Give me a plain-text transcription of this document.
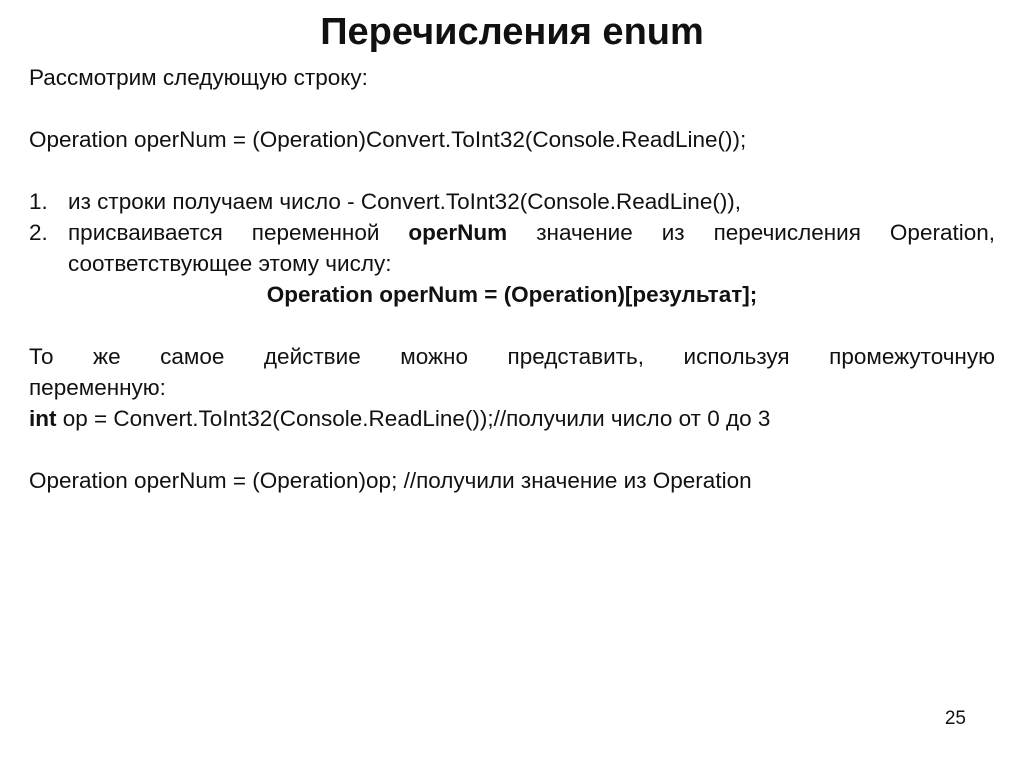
Перечисления enum
Рассмотрим следующую строку:
Operation operNum = (Operation)Convert.ToInt32(Console.ReadLine());
1. из строки получаем число - Convert.ToInt32(Console.ReadLine()),
2. присваивается переменной operNum значение из перечисления Operation,
соответствующее этому числу:
Operation operNum = (Operation)[результат];
То же самое действие можно представить, используя промежуточную
переменную:
int op = Convert.ToInt32(Console.ReadLine());//получили число от 0 до 3
Operation operNum = (Operation)op; //получили значение из Operation
25
